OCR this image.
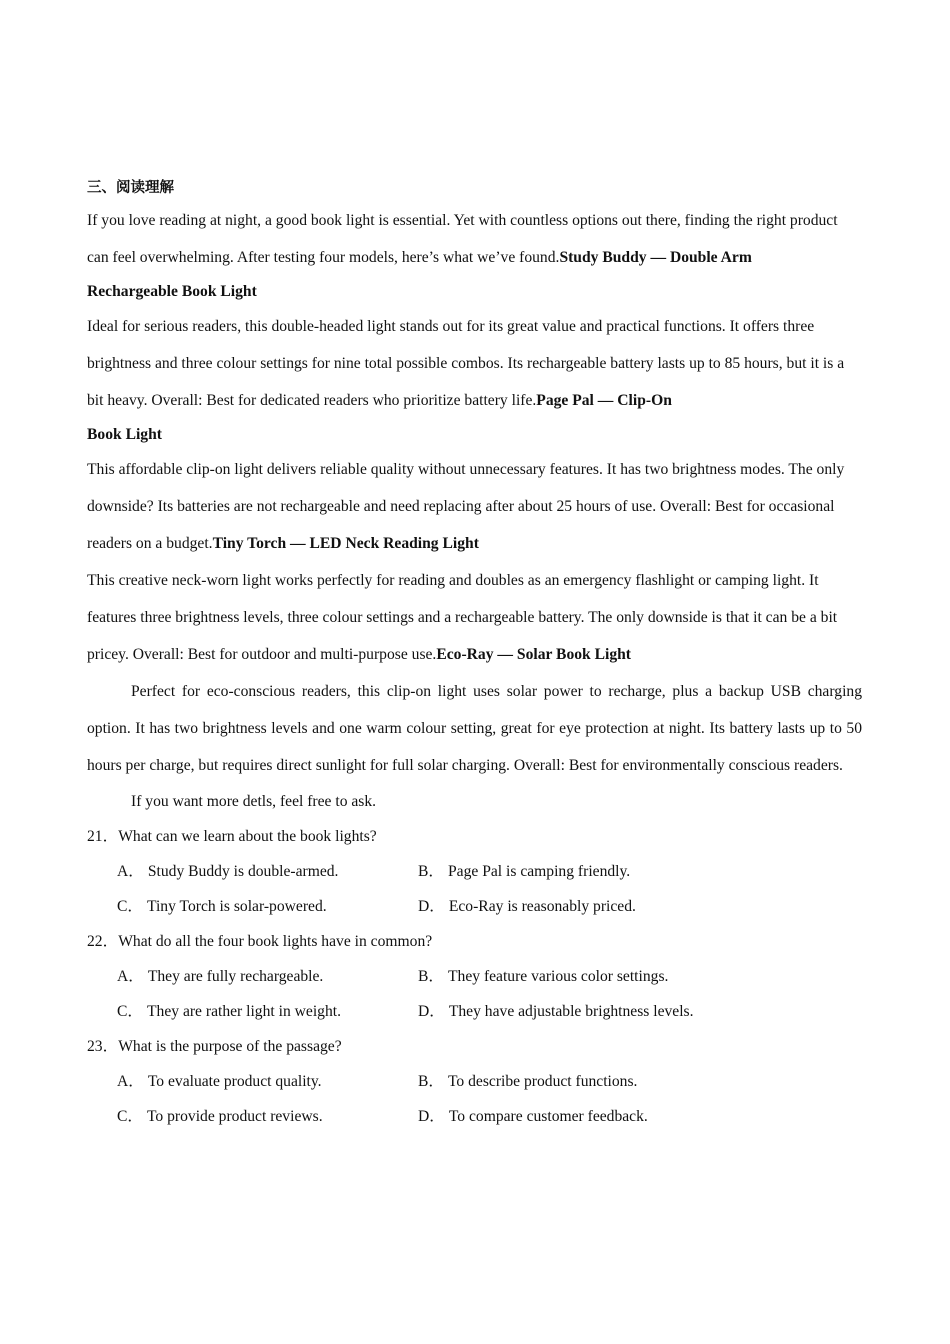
三、阅读理解

If you love reading at night, a good book light is essential. Yet with countless options out there, finding the right product can feel overwhelming. After testing four models, here’s what we’ve found.Study Buddy — Double Arm

Rechargeable Book Light

Ideal for serious readers, this double-headed light stands out for its great value and practical functions. It offers three brightness and three colour settings for nine total possible combos. Its rechargeable battery lasts up to 85 hours, but it is a bit heavy. Overall: Best for dedicated readers who prioritize battery life.Page Pal — Clip-On

Book Light

This affordable clip-on light delivers reliable quality without unnecessary features. It has two brightness modes. The only downside? Its batteries are not rechargeable and need replacing after about 25 hours of use. Overall: Best for occasional readers on a budget.Tiny Torch — LED Neck Reading Light

This creative neck-worn light works perfectly for reading and doubles as an emergency flashlight or camping light. It features three brightness levels, three colour settings and a rechargeable battery. The only downside is that it can be a bit pricey. Overall: Best for outdoor and multi-purpose use.Eco-Ray — Solar Book Light

Perfect for eco-conscious readers, this clip-on light uses solar power to recharge, plus a backup USB charging option. It has two brightness levels and one warm colour setting, great for eye protection at night. Its battery lasts up to 50 hours per charge, but requires direct sunlight for full solar charging. Overall: Best for environmentally conscious readers.

If you want more detls, feel free to ask.

21．What can we learn about the book lights?
A． Study Buddy is double-armed.	B． Page Pal is camping friendly.
C． Tiny Torch is solar-powered.	D． Eco-Ray is reasonably priced.
22．What do all the four book lights have in common?
A． They are fully rechargeable.	B． They feature various color settings.
C． They are rather light in weight.	D． They have adjustable brightness levels.
23．What is the purpose of the passage?
A． To evaluate product quality.	B． To describe product functions.
C． To provide product reviews.	D． To compare customer feedback.
